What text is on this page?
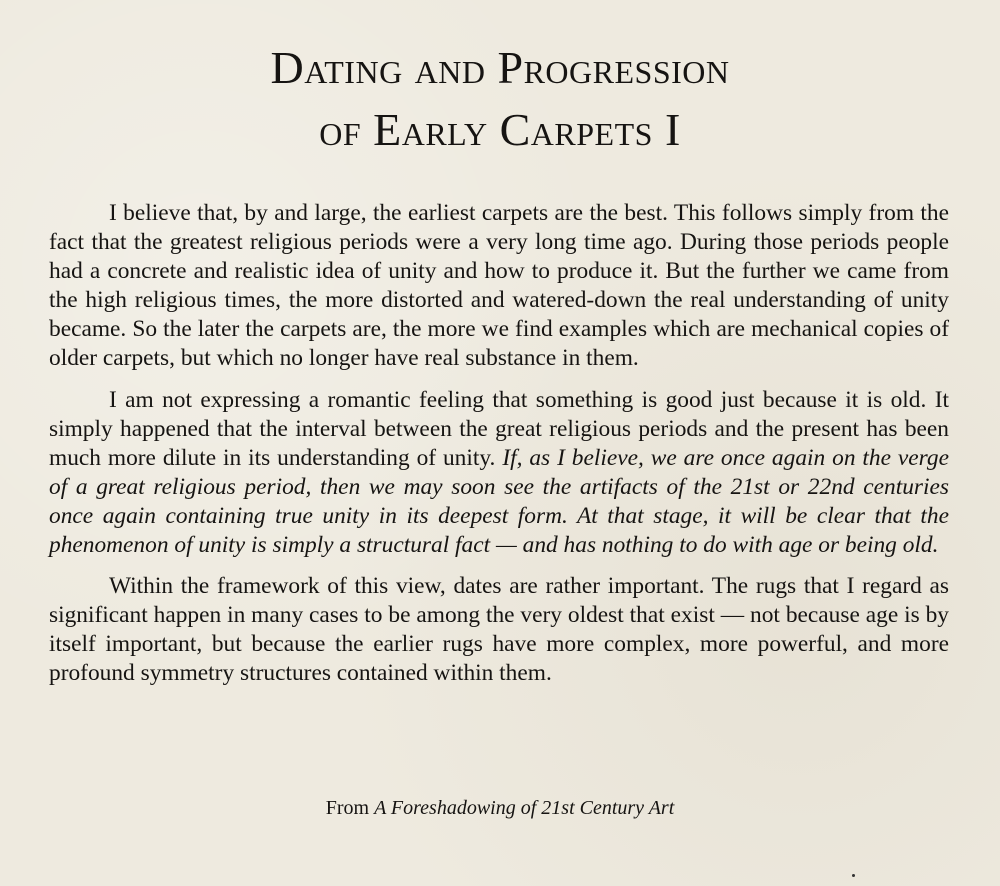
Dating and Progression
of Early Carpets I

I believe that, by and large, the earliest carpets are the best. This follows simply from the fact that the greatest religious periods were a very long time ago. During those periods people had a concrete and realistic idea of unity and how to produce it. But the further we came from the high religious times, the more distorted and watered-down the real understanding of unity became. So the later the carpets are, the more we find examples which are mechanical copies of older carpets, but which no longer have real substance in them.

I am not expressing a romantic feeling that something is good just because it is old. It simply happened that the interval between the great religious periods and the present has been much more dilute in its understanding of unity. If, as I believe, we are once again on the verge of a great religious period, then we may soon see the artifacts of the 21st or 22nd centuries once again containing true unity in its deepest form. At that stage, it will be clear that the phenomenon of unity is simply a structural fact — and has nothing to do with age or being old.

Within the framework of this view, dates are rather important. The rugs that I regard as significant happen in many cases to be among the very oldest that exist — not because age is by itself important, but because the earlier rugs have more complex, more powerful, and more profound symmetry structures contained within them.

From A Foreshadowing of 21st Century Art
